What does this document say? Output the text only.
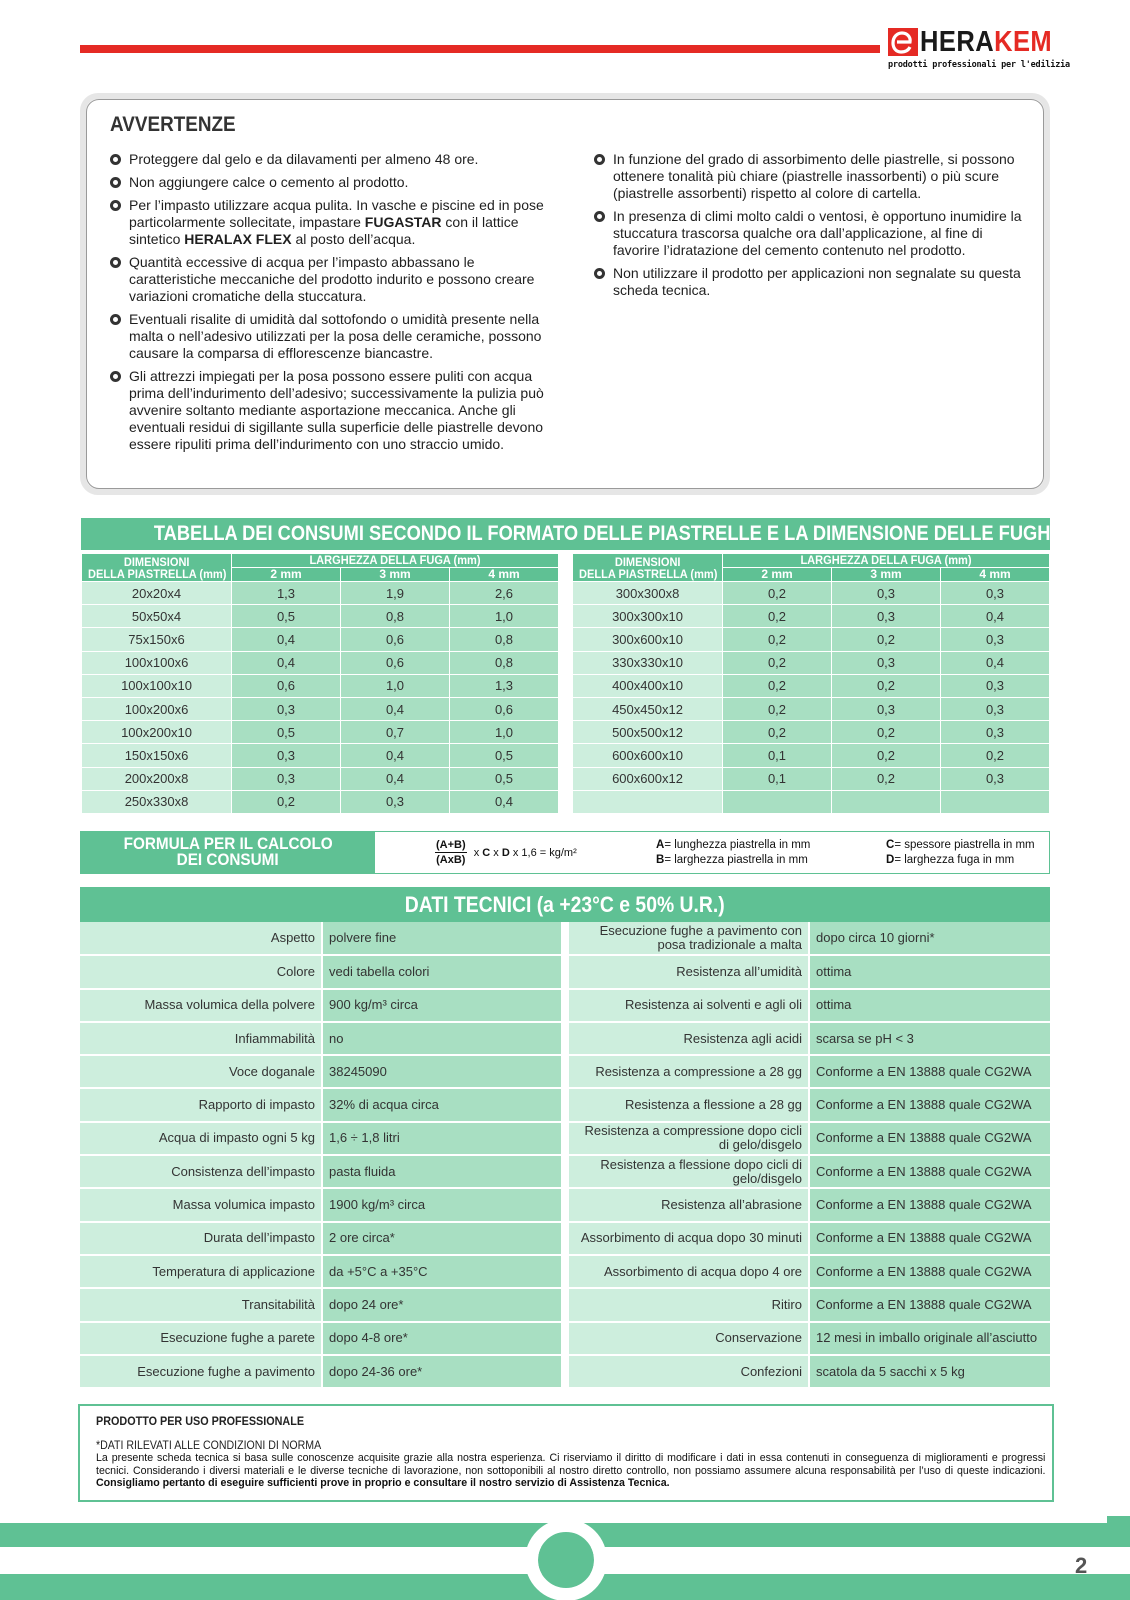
HERAKEM
prodotti professionali per l'edilizia
AVVERTENZE
Proteggere dal gelo e da dilavamenti per almeno 48 ore.
Non aggiungere calce o cemento al prodotto.
Per l’impasto utilizzare acqua pulita. In vasche e piscine ed in pose particolarmente sollecitate, impastare FUGASTAR con il lattice sintetico HERALAX FLEX al posto dell’acqua.
Quantità eccessive di acqua per l’impasto abbassano le caratteristiche meccaniche del prodotto indurito e possono creare variazioni cromatiche della stuccatura.
Eventuali risalite di umidità dal sottofondo o umidità presente nella malta o nell’adesivo utilizzati per la posa delle ceramiche, possono causare la comparsa di efflorescenze biancastre.
Gli attrezzi impiegati per la posa possono essere puliti con acqua prima dell’indurimento dell’adesivo; successivamente la pulizia può avvenire soltanto mediante asportazione meccanica. Anche gli eventuali residui di sigillante sulla superficie delle piastrelle devono essere ripuliti prima dell’indurimento con uno straccio umido.
In funzione del grado di assorbimento delle piastrelle, si possono ottenere tonalità più chiare (piastrelle inassorbenti) o più scure (piastrelle assorbenti) rispetto al colore di cartella.
In presenza di climi molto caldi o ventosi, è opportuno inumidire la stuccatura trascorsa qualche ora dall’applicazione, al fine di favorire l’idratazione del cemento contenuto nel prodotto.
Non utilizzare il prodotto per applicazioni non segnalate su questa scheda tecnica.
TABELLA DEI CONSUMI SECONDO IL FORMATO DELLE PIASTRELLE E LA DIMENSIONE DELLE FUGHE (kg/m²)
DIMENSIONI
DELLA PIASTRELLA (mm)	LARGHEZZA DELLA FUGA (mm)		
	2 mm	3 mm	4 mm
20x20x4	1,3	1,9	2,6
50x50x4	0,5	0,8	1,0
75x150x6	0,4	0,6	0,8
100x100x6	0,4	0,6	0,8
100x100x10	0,6	1,0	1,3
100x200x6	0,3	0,4	0,6
100x200x10	0,5	0,7	1,0
150x150x6	0,3	0,4	0,5
200x200x8	0,3	0,4	0,5
250x330x8	0,2	0,3	0,4
DIMENSIONI
DELLA PIASTRELLA (mm)	LARGHEZZA DELLA FUGA (mm)		
	2 mm	3 mm	4 mm
300x300x8	0,2	0,3	0,3
300x300x10	0,2	0,3	0,4
300x600x10	0,2	0,2	0,3
330x330x10	0,2	0,3	0,4
400x400x10	0,2	0,2	0,3
450x450x12	0,2	0,3	0,3
500x500x12	0,2	0,2	0,3
600x600x10	0,1	0,2	0,2
600x600x12	0,1	0,2	0,3

FORMULA PER IL CALCOLO
DEI CONSUMI	$\frac{(A+B)}{\text{(AxB)}}$ x C x D x 1,6 = kg/m²
A= lunghezza piastrella in mm
B= larghezza piastrella in mm
C= spessore piastrella in mm
D= larghezza fuga in mm
DATI TECNICI (a +23°C e 50% U.R.)
Aspetto	polvere fine
Colore	vedi tabella colori
Massa volumica della polvere	900 kg/m³ circa
Infiammabilità	no
Voce doganale	38245090
Rapporto di impasto	32% di acqua circa
Acqua di impasto ogni 5 kg	1,6 ÷ 1,8 litri
Consistenza dell’impasto	pasta fluida
Massa volumica impasto	1900 kg/m³ circa
Durata dell’impasto	2 ore circa*
Temperatura di applicazione	da +5°C a +35°C
Transitabilità	dopo 24 ore*
Esecuzione fughe a parete	dopo 4-8 ore*
Esecuzione fughe a pavimento	dopo 24-36 ore*
Esecuzione fughe a pavimento con posa tradizionale a malta	dopo circa 10 giorni*
Resistenza all’umidità	ottima
Resistenza ai solventi e agli oli	ottima
Resistenza agli acidi	scarsa se pH < 3
Resistenza a compressione a 28 gg	Conforme a EN 13888 quale CG2WA
Resistenza a flessione a 28 gg	Conforme a EN 13888 quale CG2WA
Resistenza a compressione dopo cicli di gelo/disgelo	Conforme a EN 13888 quale CG2WA
Resistenza a flessione dopo cicli di gelo/disgelo	Conforme a EN 13888 quale CG2WA
Resistenza all’abrasione	Conforme a EN 13888 quale CG2WA
Assorbimento di acqua dopo 30 minuti	Conforme a EN 13888 quale CG2WA
Assorbimento di acqua dopo 4 ore	Conforme a EN 13888 quale CG2WA
Ritiro	Conforme a EN 13888 quale CG2WA
Conservazione	12 mesi in imballo originale all’asciutto
Confezioni	scatola da 5 sacchi x 5 kg
PRODOTTO PER USO PROFESSIONALE
*DATI RILEVATI ALLE CONDIZIONI DI NORMA
La presente scheda tecnica si basa sulle conoscenze acquisite grazie alla nostra esperienza. Ci riserviamo il diritto di modificare i dati in essa contenuti in conseguenza di miglioramenti e progressi tecnici. Considerando i diversi materiali e le diverse tecniche di lavorazione, non sottoponibili al nostro diretto controllo, non possiamo assumere alcuna responsabilità per l’uso di queste indicazioni. Consigliamo pertanto di eseguire sufficienti prove in proprio e consultare il nostro servizio di Assistenza Tecnica.
2
